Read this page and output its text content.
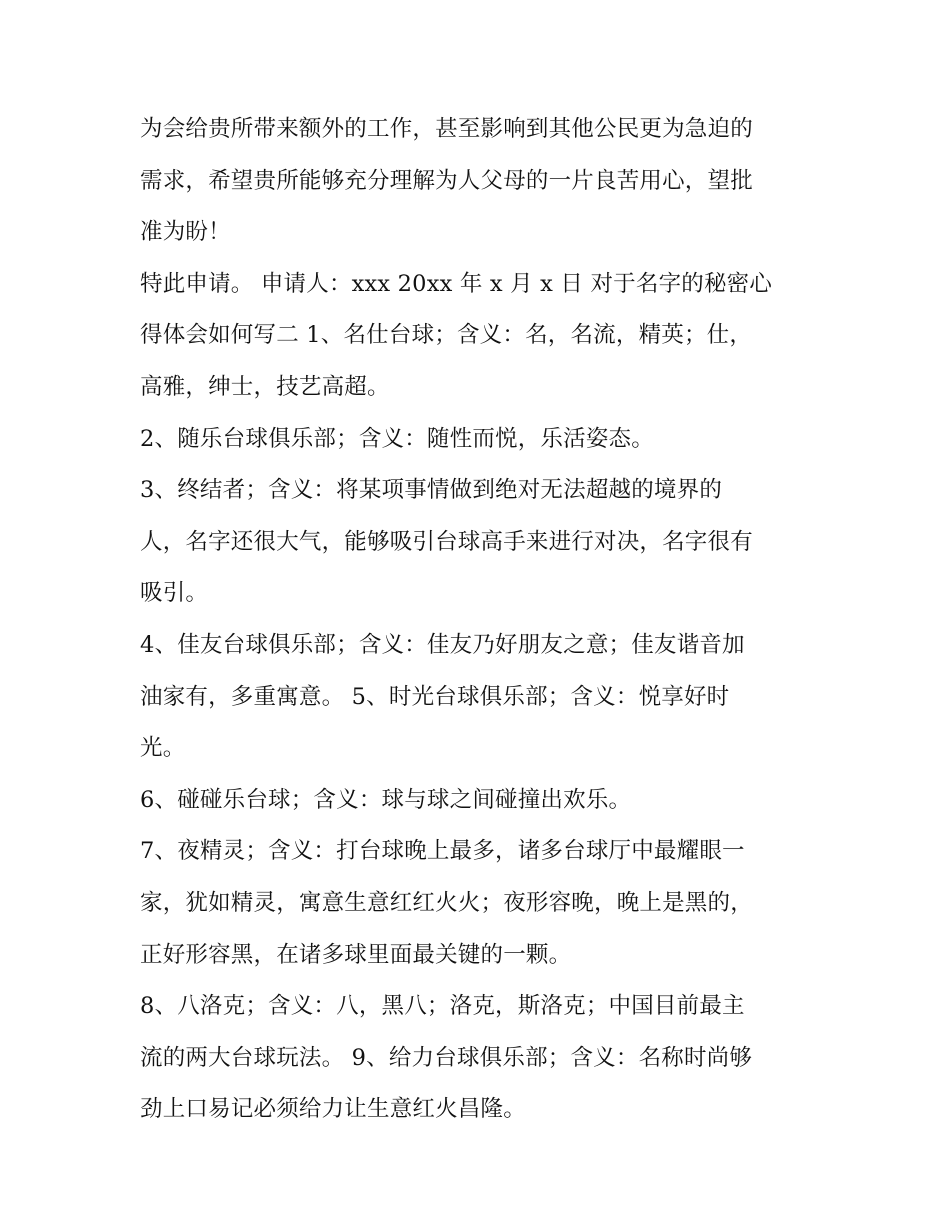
为会给贵所带来额外的工作，甚至影响到其他公民更为急迫的
需求，希望贵所能够充分理解为人父母的一片良苦用心，望批
准为盼！
特此申请。 申请人：xxx 20xx 年 x 月 x 日 对于名字的秘密心
得体会如何写二 1、名仕台球；含义：名，名流，精英；仕，
高雅，绅士，技艺高超。
2、随乐台球俱乐部；含义：随性而悦，乐活姿态。
3、终结者；含义：将某项事情做到绝对无法超越的境界的
人，名字还很大气，能够吸引台球高手来进行对决，名字很有
吸引。
4、佳友台球俱乐部；含义：佳友乃好朋友之意；佳友谐音加
油家有，多重寓意。 5、时光台球俱乐部；含义：悦享好时
光。
6、碰碰乐台球；含义：球与球之间碰撞出欢乐。
7、夜精灵；含义：打台球晚上最多，诸多台球厅中最耀眼一
家，犹如精灵，寓意生意红红火火；夜形容晚，晚上是黑的，
正好形容黑，在诸多球里面最关键的一颗。
8、八洛克；含义：八，黑八；洛克，斯洛克；中国目前最主
流的两大台球玩法。 9、给力台球俱乐部；含义：名称时尚够
劲上口易记必须给力让生意红火昌隆。
